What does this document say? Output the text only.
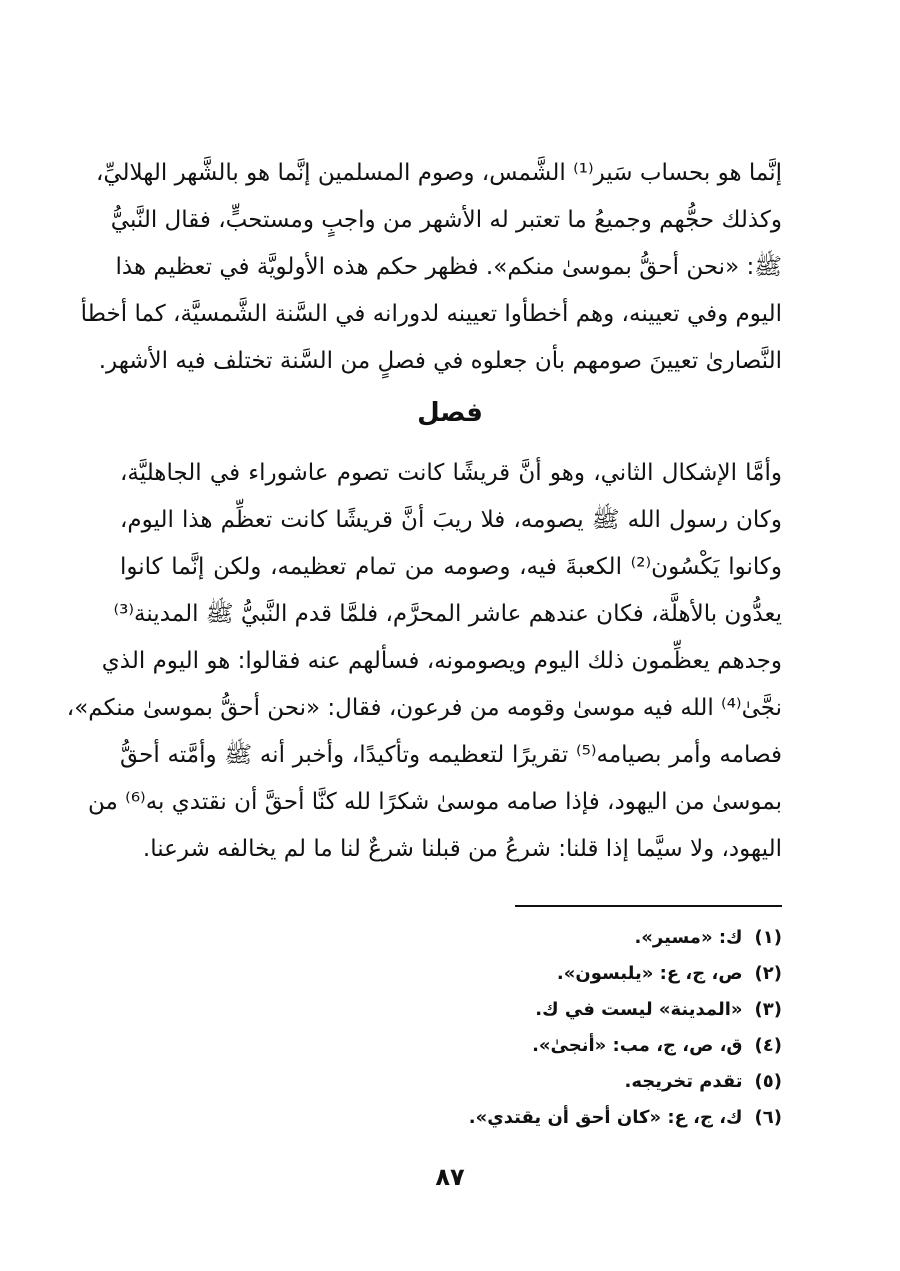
إنَّما هو بحساب سَير⁽¹⁾ الشَّمس، وصوم المسلمين إنَّما هو بالشَّهر الهلاليِّ،
وكذلك حجُّهم وجميعُ ما تعتبر له الأشهر من واجبٍ ومستحبٍّ، فقال النَّبيُّ
ﷺ: «نحن أحقُّ بموسىٰ منكم». فظهر حكم هذه الأولويَّة في تعظيم هذا
اليوم وفي تعيينه، وهم أخطأوا تعيينه لدورانه في السَّنة الشَّمسيَّة، كما أخطأ
النَّصارىٰ تعيينَ صومهم بأن جعلوه في فصلٍ من السَّنة تختلف فيه الأشهر.
فصل
وأمَّا الإشكال الثاني، وهو أنَّ قريشًا كانت تصوم عاشوراء في الجاهليَّة،
وكان رسول الله ﷺ يصومه، فلا ريبَ أنَّ قريشًا كانت تعظِّم هذا اليوم،
وكانوا يَكْسُون⁽²⁾ الكعبةَ فيه، وصومه من تمام تعظيمه، ولكن إنَّما كانوا
يعدُّون بالأهلَّة، فكان عندهم عاشر المحرَّم، فلمَّا قدم النَّبيُّ ﷺ المدينة⁽³⁾
وجدهم يعظِّمون ذلك اليوم ويصومونه، فسألهم عنه فقالوا: هو اليوم الذي
نجَّىٰ⁽⁴⁾ الله فيه موسىٰ وقومه من فرعون، فقال: «نحن أحقُّ بموسىٰ منكم»،
فصامه وأمر بصيامه⁽⁵⁾ تقريرًا لتعظيمه وتأكيدًا، وأخبر أنه ﷺ وأمَّته أحقُّ
بموسىٰ من اليهود، فإذا صامه موسىٰ شكرًا لله كنَّا أحقَّ أن نقتدي به⁽⁶⁾ من
اليهود، ولا سيَّما إذا قلنا: شرعُ من قبلنا شرعٌ لنا ما لم يخالفه شرعنا.
(١)ك: «مسير».
(٢)ص، ج، ع: «يلبسون».
(٣)«المدينة» ليست في ك.
(٤)ق، ص، ج، مب: «أنجىٰ».
(٥)تقدم تخريجه.
(٦)ك، ج، ع: «كان أحق أن يقتدي».
٨٧
